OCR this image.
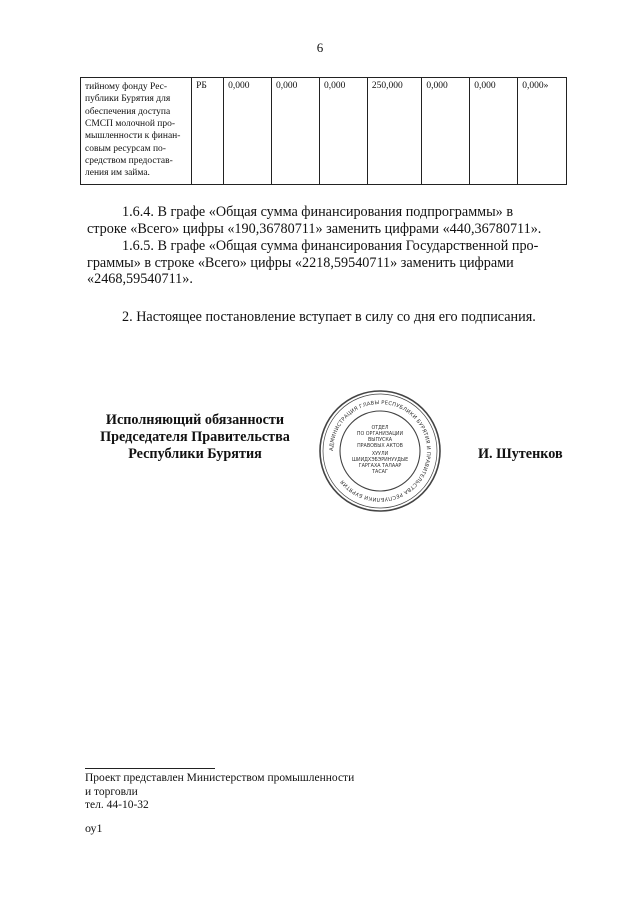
6
тийному фонду Рес-
публики Бурятия для
обеспечения доступа
СМСП молочной про-
мышленности к финан-
совым ресурсам по-
средством предостав-
ления им займа.
	РБ	0,000	0,000	0,000	250,000	0,000	0,000	0,000»
1.6.4. В графе «Общая сумма финансирования подпрограммы» в
строке «Всего» цифры «190,36780711» заменить цифрами «440,36780711».
1.6.5. В графе «Общая сумма финансирования Государственной про-
граммы» в строке «Всего» цифры «2218,59540711» заменить цифрами
«2468,59540711».
2. Настоящее постановление вступает в силу со дня его подписания.
Исполняющий обязанности
Председателя Правительства
Республики Бурятия	АДМИНИСТРАЦИЯ ГЛАВЫ РЕСПУБЛИКИ БУРЯТИЯ И ПРАВИТЕЛЬСТВА РЕСПУБЛИКИ БУРЯТИЯ
ОТДЕЛ
ПО ОРГАНИЗАЦИИ
ВЫПУСКА
ПРАВОВЫХ АКТОВ
ХУУЛИ
ШИИДХЭБЭРИНУУДЫЕ
ГАРГАХА ТАЛААР
ТАСАГ
И. Шутенков
Проект представлен Министерством промышленности
и торговли
тел. 44-10-32
оу1
